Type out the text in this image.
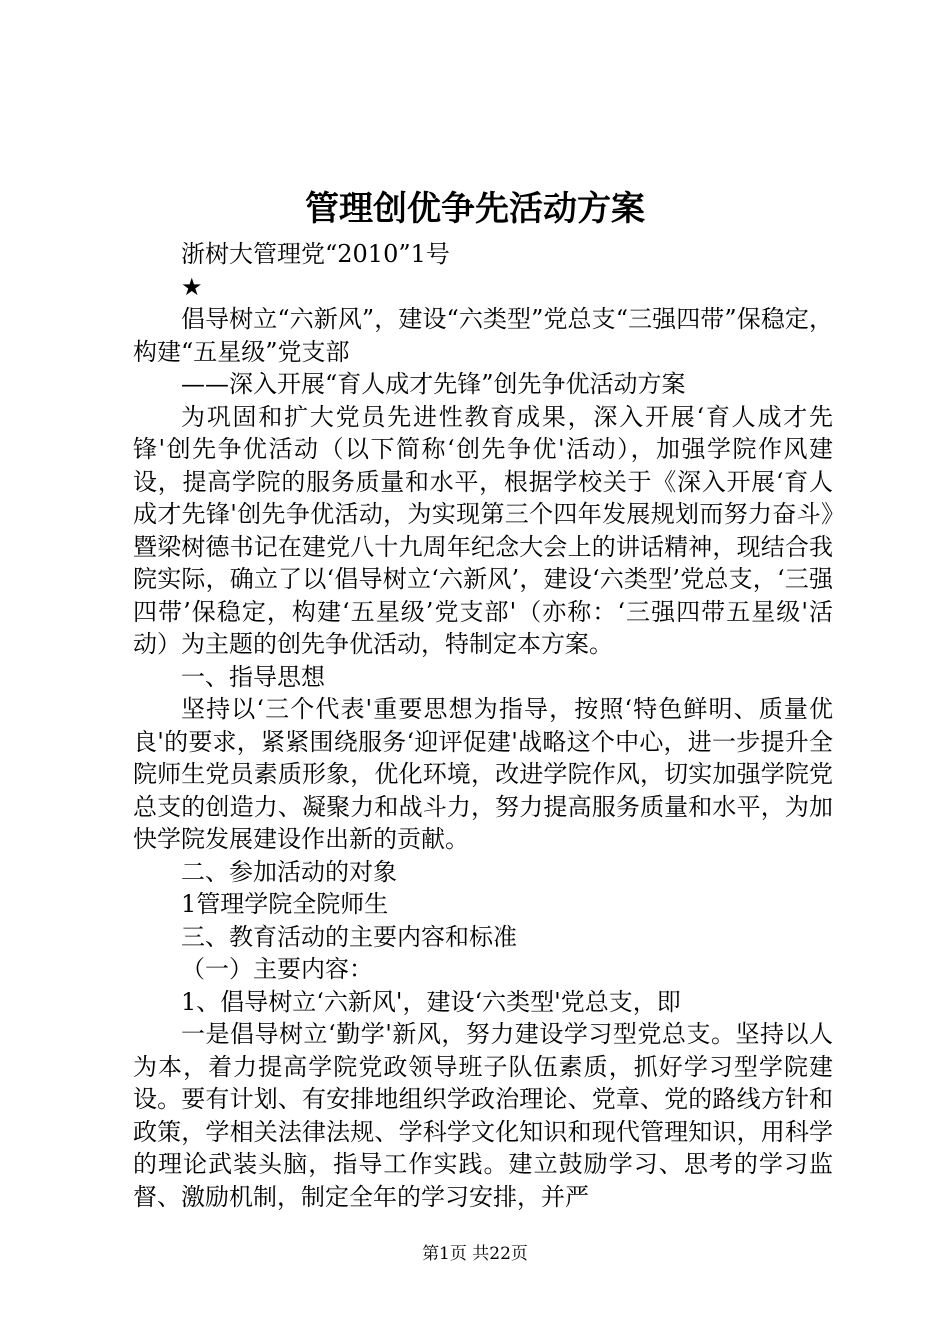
管理创优争先活动方案

浙树大管理党“2010”1号

★

倡导树立“六新风”，建设“六类型”党总支“三强四带”保稳定，构建“五星级”党支部

——深入开展“育人成才先锋”创先争优活动方案

为巩固和扩大党员先进性教育成果，深入开展‘育人成才先锋'创先争优活动（以下简称‘创先争优'活动），加强学院作风建设，提高学院的服务质量和水平，根据学校关于《深入开展‘育人成才先锋'创先争优活动，为实现第三个四年发展规划而努力奋斗》暨梁树德书记在建党八十九周年纪念大会上的讲话精神，现结合我院实际，确立了以‘倡导树立‘六新风’，建设‘六类型’党总支，‘三强四带’保稳定，构建‘五星级’党支部'（亦称：‘三强四带五星级'活动）为主题的创先争优活动，特制定本方案。

一、指导思想

坚持以‘三个代表'重要思想为指导，按照‘特色鲜明、质量优良'的要求，紧紧围绕服务‘迎评促建'战略这个中心，进一步提升全院师生党员素质形象，优化环境，改进学院作风，切实加强学院党总支的创造力、凝聚力和战斗力，努力提高服务质量和水平，为加快学院发展建设作出新的贡献。

二、参加活动的对象

1管理学院全院师生

三、教育活动的主要内容和标准

（一）主要内容：

1、倡导树立‘六新风'，建设‘六类型'党总支，即

一是倡导树立‘勤学'新风，努力建设学习型党总支。坚持以人为本，着力提高学院党政领导班子队伍素质，抓好学习型学院建设。要有计划、有安排地组织学政治理论、党章、党的路线方针和政策，学相关法律法规、学科学文化知识和现代管理知识，用科学的理论武装头脑，指导工作实践。建立鼓励学习、思考的学习监督、激励机制，制定全年的学习安排，并严

第1页 共22页
